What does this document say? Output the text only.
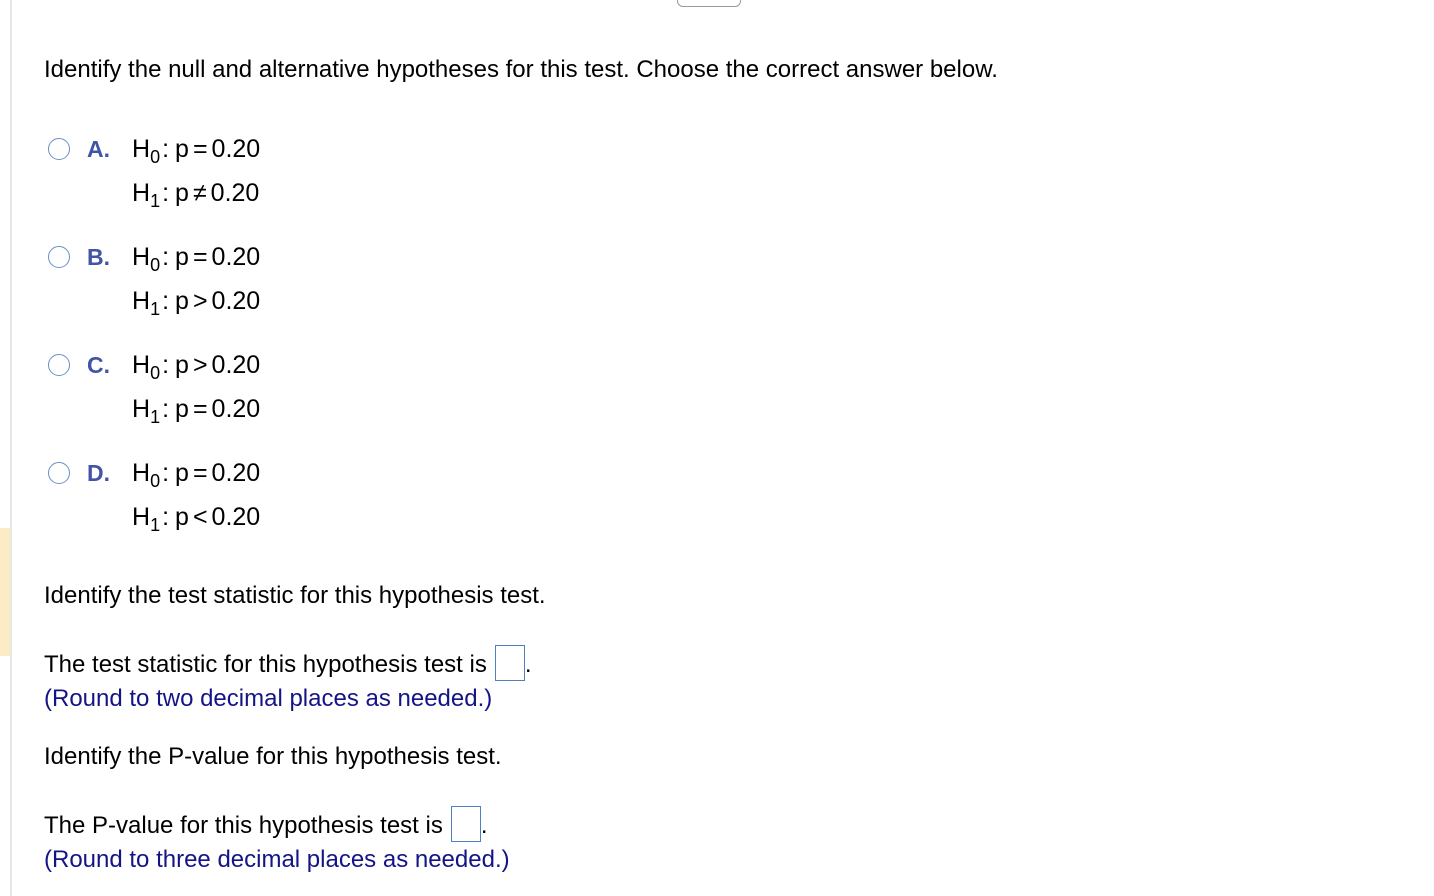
Identify the null and alternative hypotheses for this test. Choose the correct answer below.
A. $H_0$: p = 0.20
$H_1$: p ≠ 0.20
B. $H_0$: p = 0.20
$H_1$: p > 0.20
C. $H_0$: p > 0.20
$H_1$: p = 0.20
D. $H_0$: p = 0.20
$H_1$: p < 0.20
Identify the test statistic for this hypothesis test.
The test statistic for this hypothesis test is .
(Round to two decimal places as needed.)
Identify the P-value for this hypothesis test.
The P-value for this hypothesis test is .
(Round to three decimal places as needed.)
